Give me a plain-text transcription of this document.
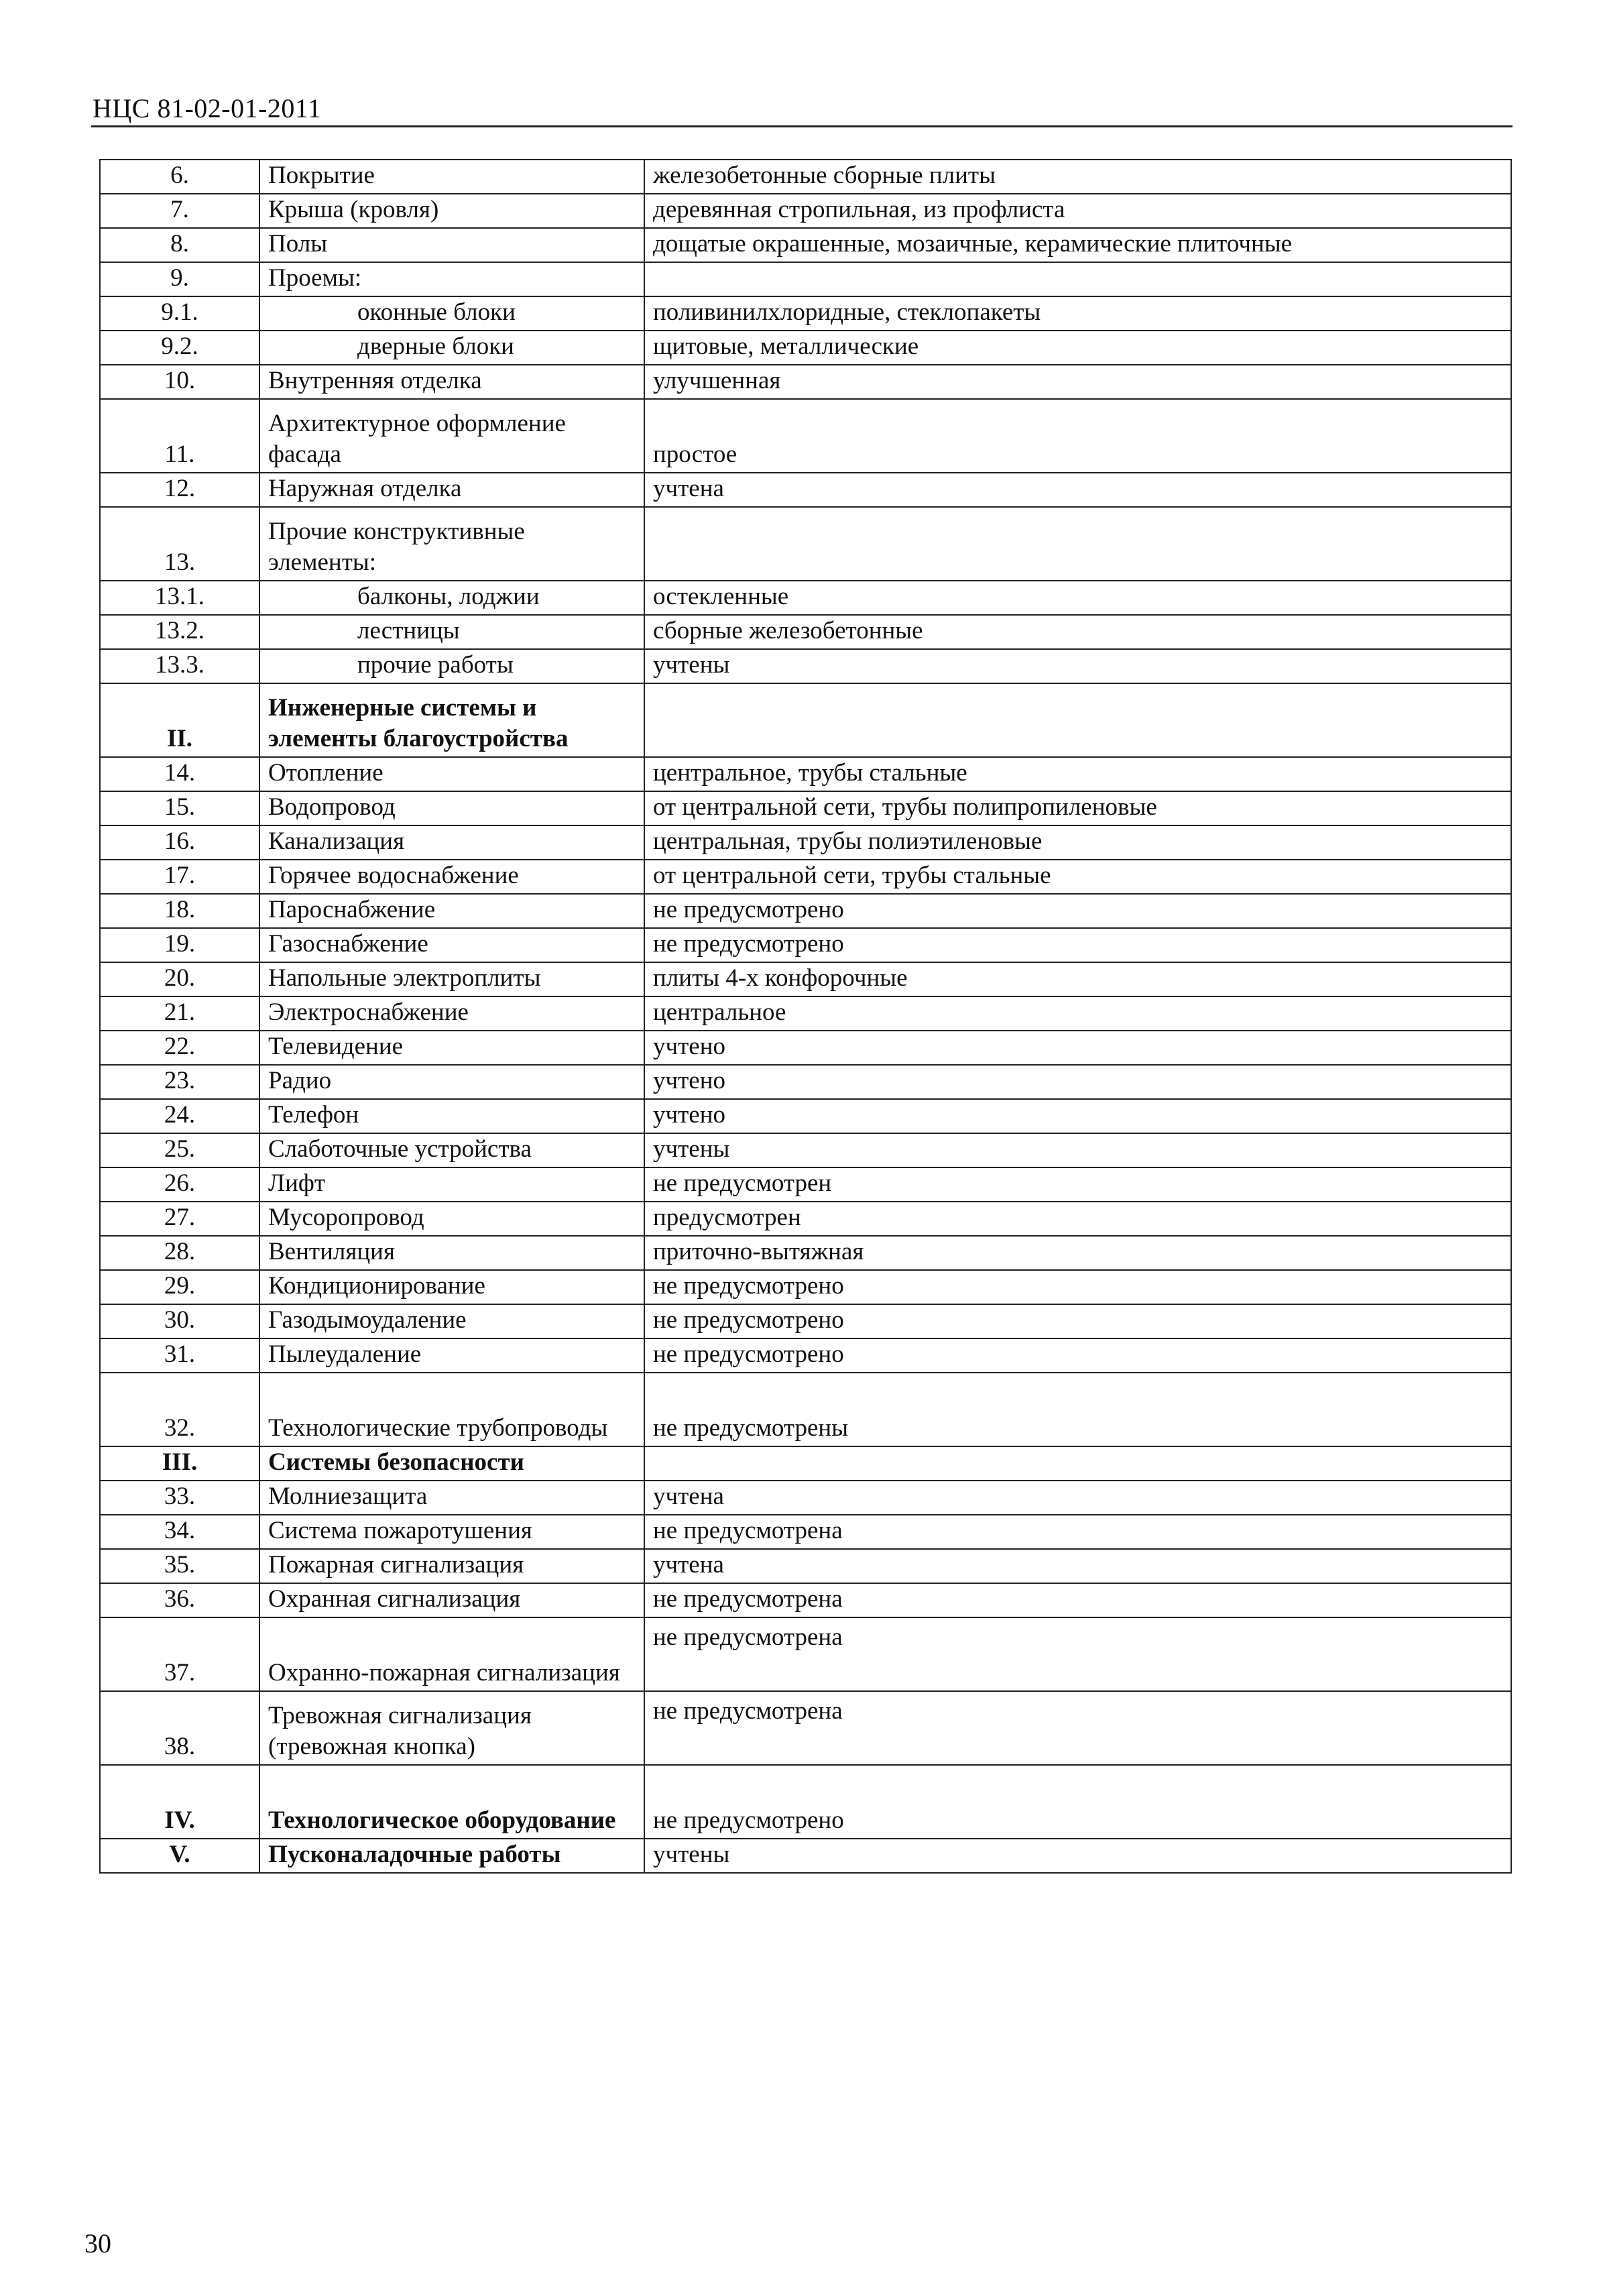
НЦС 81-02-01-2011
6.	Покрытие	железобетонные сборные плиты
7.	Крыша (кровля)	деревянная стропильная, из профлиста
8.	Полы	дощатые окрашенные, мозаичные, керамические плиточные
9.	Проемы:	
9.1.	оконные блоки	поливинилхлоридные, стеклопакеты
9.2.	дверные блоки	щитовые, металлические
10.	Внутренняя отделка	улучшенная
11.	Архитектурное оформление фасада	простое
12.	Наружная отделка	учтена
13.	Прочие конструктивные элементы:	
13.1.	балконы, лоджии	остекленные
13.2.	лестницы	сборные железобетонные
13.3.	прочие работы	учтены
II.	Инженерные системы и элементы благоустройства	
14.	Отопление	центральное, трубы стальные
15.	Водопровод	от центральной сети, трубы полипропиленовые
16.	Канализация	центральная, трубы полиэтиленовые
17.	Горячее водоснабжение	от центральной сети, трубы стальные
18.	Пароснабжение	не предусмотрено
19.	Газоснабжение	не предусмотрено
20.	Напольные электроплиты	плиты 4-х конфорочные
21.	Электроснабжение	центральное
22.	Телевидение	учтено
23.	Радио	учтено
24.	Телефон	учтено
25.	Слаботочные устройства	учтены
26.	Лифт	не предусмотрен
27.	Мусоропровод	предусмотрен
28.	Вентиляция	приточно-вытяжная
29.	Кондиционирование	не предусмотрено
30.	Газодымоудаление	не предусмотрено
31.	Пылеудаление	не предусмотрено
32.	Технологические трубопроводы	не предусмотрены
III.	Системы безопасности	
33.	Молниезащита	учтена
34.	Система пожаротушения	не предусмотрена
35.	Пожарная сигнализация	учтена
36.	Охранная сигнализация	не предусмотрена
37.	Охранно-пожарная сигнализация	не предусмотрена
38.	Тревожная сигнализация (тревожная кнопка)	не предусмотрена
IV.	Технологическое оборудование	не предусмотрено
V.	Пусконаладочные работы	учтены
30
